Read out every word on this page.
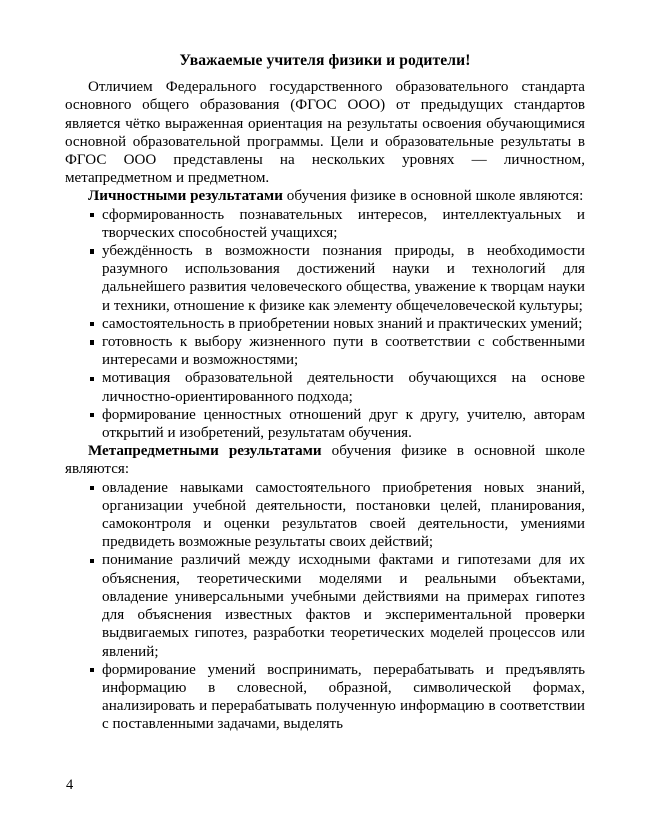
Уважаемые учителя физики и родители!

Отличием Федерального государственного образовательного стандарта основного общего образования (ФГОС ООО) от предыдущих стандартов является чётко выраженная ориентация на результаты освоения обучающимися основной образовательной программы. Цели и образовательные результаты в ФГОС ООО представлены на нескольких уровнях — личностном, метапредметном и предметном.

Личностными результатами обучения физике в основной школе являются:

сформированность познавательных интересов, интеллектуальных и творческих способностей учащихся;
убеждённость в возможности познания природы, в необходимости разумного использования достижений науки и технологий для дальнейшего развития человеческого общества, уважение к творцам науки и техники, отношение к физике как элементу общечеловеческой культуры;
самостоятельность в приобретении новых знаний и практических умений;
готовность к выбору жизненного пути в соответствии с собственными интересами и возможностями;
мотивация образовательной деятельности обучающихся на основе личностно-ориентированного подхода;
формирование ценностных отношений друг к другу, учителю, авторам открытий и изобретений, результатам обучения.

Метапредметными результатами обучения физике в основной школе являются:

овладение навыками самостоятельного приобретения новых знаний, организации учебной деятельности, постановки целей, планирования, самоконтроля и оценки результатов своей деятельности, умениями предвидеть возможные результаты своих действий;
понимание различий между исходными фактами и гипотезами для их объяснения, теоретическими моделями и реальными объектами, овладение универсальными учебными действиями на примерах гипотез для объяснения известных фактов и экспериментальной проверки выдвигаемых гипотез, разработки теоретических моделей процессов или явлений;
формирование умений воспринимать, перерабатывать и предъявлять информацию в словесной, образной, символической формах, анализировать и перерабатывать полученную информацию в соответствии с поставленными задачами, выделять
4
